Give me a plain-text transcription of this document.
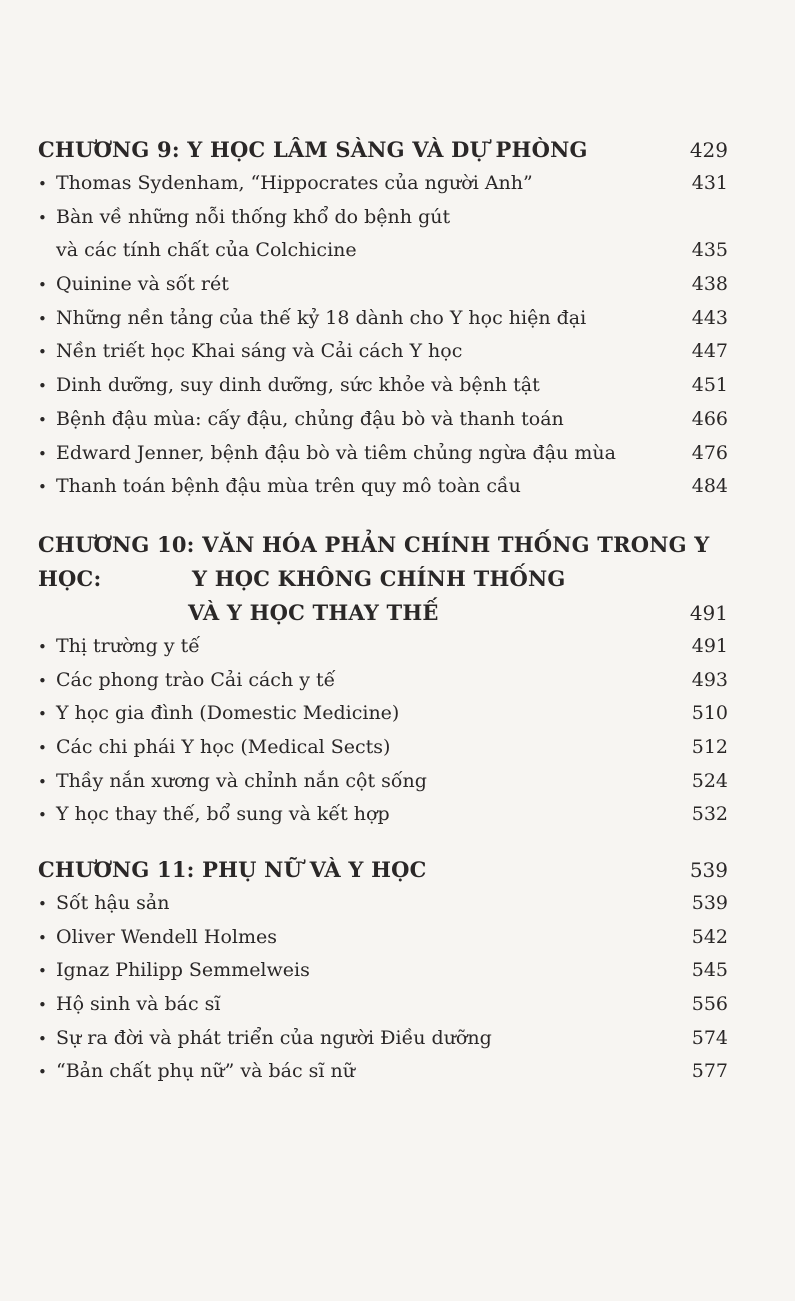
CHƯƠNG 9: Y HỌC LÂM SÀNG VÀ DỰ PHÒNG	429
• Thomas Sydenham, “Hippocrates của người Anh”	431
• Bàn về những nỗi thống khổ do bệnh gút
và các tính chất của Colchicine	435
• Quinine và sốt rét	438
• Những nền tảng của thế kỷ 18 dành cho Y học hiện đại	443
• Nền triết học Khai sáng và Cải cách Y học	447
• Dinh dưỡng, suy dinh dưỡng, sức khỏe và bệnh tật	451
• Bệnh đậu mùa: cấy đậu, chủng đậu bò và thanh toán	466
• Edward Jenner, bệnh đậu bò và tiêm chủng ngừa đậu mùa	476
• Thanh toán bệnh đậu mùa trên quy mô toàn cầu	484
CHƯƠNG 10: VĂN HÓA PHẢN CHÍNH THỐNG TRONG Y HỌC:	Y HỌC KHÔNG CHÍNH THỐNG
VÀ Y HỌC THAY THẾ	491
• Thị trường y tế	491
• Các phong trào Cải cách y tế	493
• Y học gia đình (Domestic Medicine)	510
• Các chi phái Y học (Medical Sects)	512
• Thầy nắn xương và chỉnh nắn cột sống	524
• Y học thay thế, bổ sung và kết hợp	532
CHƯƠNG 11: PHỤ NỮ VÀ Y HỌC	539
• Sốt hậu sản	539
• Oliver Wendell Holmes	542
• Ignaz Philipp Semmelweis	545
• Hộ sinh và bác sĩ	556
• Sự ra đời và phát triển của người Điều dưỡng	574
• “Bản chất phụ nữ” và bác sĩ nữ	577
